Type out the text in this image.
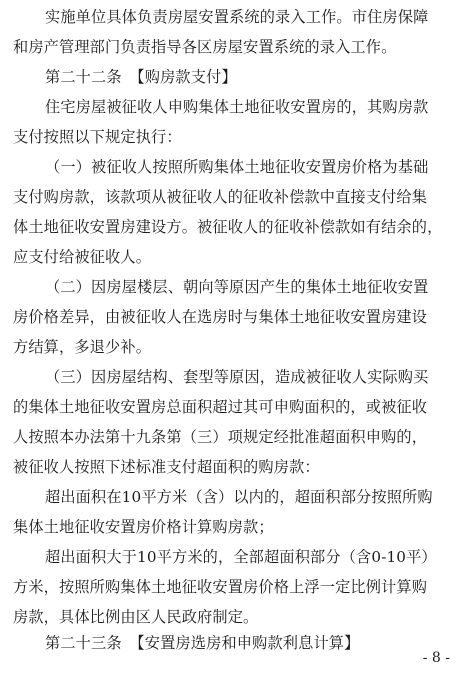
实施单位具体负责房屋安置系统的录入工作。市住房保障
和房产管理部门负责指导各区房屋安置系统的录入工作。
第二十二条　【购房款支付】
住宅房屋被征收人申购集体土地征收安置房的，其购房款
支付按照以下规定执行：
（一）被征收人按照所购集体土地征收安置房价格为基础
支付购房款，该款项从被征收人的征收补偿款中直接支付给集
体土地征收安置房建设方。被征收人的征收补偿款如有结余的，
应支付给被征收人。
（二）因房屋楼层、朝向等原因产生的集体土地征收安置
房价格差异，由被征收人在选房时与集体土地征收安置房建设
方结算，多退少补。
（三）因房屋结构、套型等原因，造成被征收人实际购买
的集体土地征收安置房总面积超过其可申购面积的，或被征收
人按照本办法第十九条第（三）项规定经批准超面积申购的，
被征收人按照下述标准支付超面积的购房款：
超出面积在10平方米（含）以内的，超面积部分按照所购
集体土地征收安置房价格计算购房款；
超出面积大于10平方米的，全部超面积部分（含0-10平）
方米，按照所购集体土地征收安置房价格上浮一定比例计算购
房款，具体比例由区人民政府制定。
第二十三条　【安置房选房和申购款利息计算】
- 8 -
